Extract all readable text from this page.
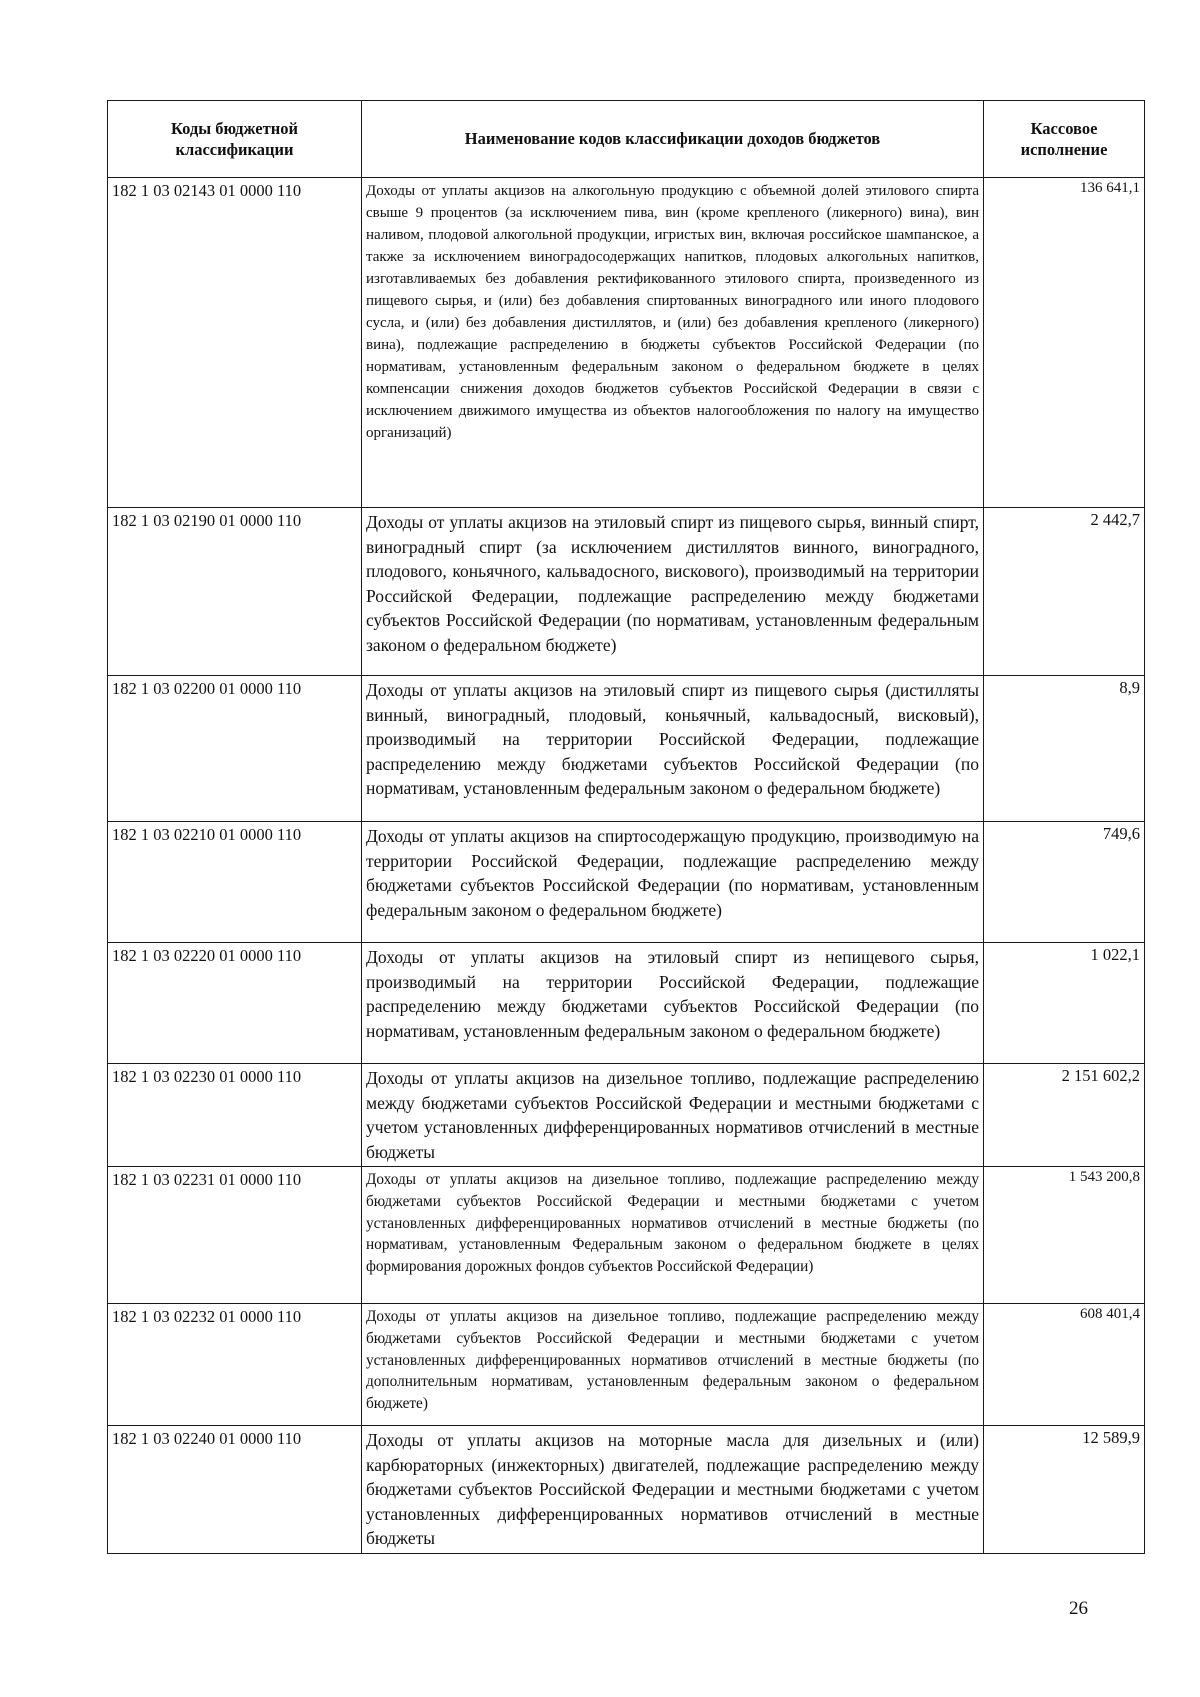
Коды бюджетной классификации	Наименование кодов классификации доходов бюджетов	Кассовое исполнение
182 1 03 02143 01 0000 110	Доходы от уплаты акцизов на алкогольную продукцию с объемной долей этилового спирта свыше 9 процентов (за исключением пива, вин (кроме крепленого (ликерного) вина), вин наливом, плодовой алкогольной продукции, игристых вин, включая российское шампанское, а также за исключением виноградосодержащих напитков, плодовых алкогольных напитков, изготавливаемых без добавления ректификованного этилового спирта, произведенного из пищевого сырья, и (или) без добавления спиртованных виноградного или иного плодового сусла, и (или) без добавления дистиллятов, и (или) без добавления крепленого (ликерного) вина), подлежащие распределению в бюджеты субъектов Российской Федерации (по нормативам, установленным федеральным законом о федеральном бюджете в целях компенсации снижения доходов бюджетов субъектов Российской Федерации в связи с исключением движимого имущества из объектов налогообложения по налогу на имущество организаций)	136 641,1
182 1 03 02190 01 0000 110	Доходы от уплаты акцизов на этиловый спирт из пищевого сырья, винный спирт, виноградный спирт (за исключением дистиллятов винного, виноградного, плодового, коньячного, кальвадосного, вискового), производимый на территории Российской Федерации, подлежащие распределению между бюджетами субъектов Российской Федерации (по нормативам, установленным федеральным законом о федеральном бюджете)	2 442,7
182 1 03 02200 01 0000 110	Доходы от уплаты акцизов на этиловый спирт из пищевого сырья (дистилляты винный, виноградный, плодовый, коньячный, кальвадосный, висковый), производимый на территории Российской Федерации, подлежащие распределению между бюджетами субъектов Российской Федерации (по нормативам, установленным федеральным законом о федеральном бюджете)	8,9
182 1 03 02210 01 0000 110	Доходы от уплаты акцизов на спиртосодержащую продукцию, производимую на территории Российской Федерации, подлежащие распределению между бюджетами субъектов Российской Федерации (по нормативам, установленным федеральным законом о федеральном бюджете)	749,6
182 1 03 02220 01 0000 110	Доходы от уплаты акцизов на этиловый спирт из непищевого сырья, производимый на территории Российской Федерации, подлежащие распределению между бюджетами субъектов Российской Федерации (по нормативам, установленным федеральным законом о федеральном бюджете)	1 022,1
182 1 03 02230 01 0000 110	Доходы от уплаты акцизов на дизельное топливо, подлежащие распределению между бюджетами субъектов Российской Федерации и местными бюджетами с учетом установленных дифференцированных нормативов отчислений в местные бюджеты	2 151 602,2
182 1 03 02231 01 0000 110	Доходы от уплаты акцизов на дизельное топливо, подлежащие распределению между бюджетами субъектов Российской Федерации и местными бюджетами с учетом установленных дифференцированных нормативов отчислений в местные бюджеты (по нормативам, установленным Федеральным законом о федеральном бюджете в целях формирования дорожных фондов субъектов Российской Федерации)	1 543 200,8
182 1 03 02232 01 0000 110	Доходы от уплаты акцизов на дизельное топливо, подлежащие распределению между бюджетами субъектов Российской Федерации и местными бюджетами с учетом установленных дифференцированных нормативов отчислений в местные бюджеты (по дополнительным нормативам, установленным федеральным законом о федеральном бюджете)	608 401,4
182 1 03 02240 01 0000 110	Доходы от уплаты акцизов на моторные масла для дизельных и (или) карбюраторных (инжекторных) двигателей, подлежащие распределению между бюджетами субъектов Российской Федерации и местными бюджетами с учетом установленных дифференцированных нормативов отчислений в местные бюджеты	12 589,9
26
